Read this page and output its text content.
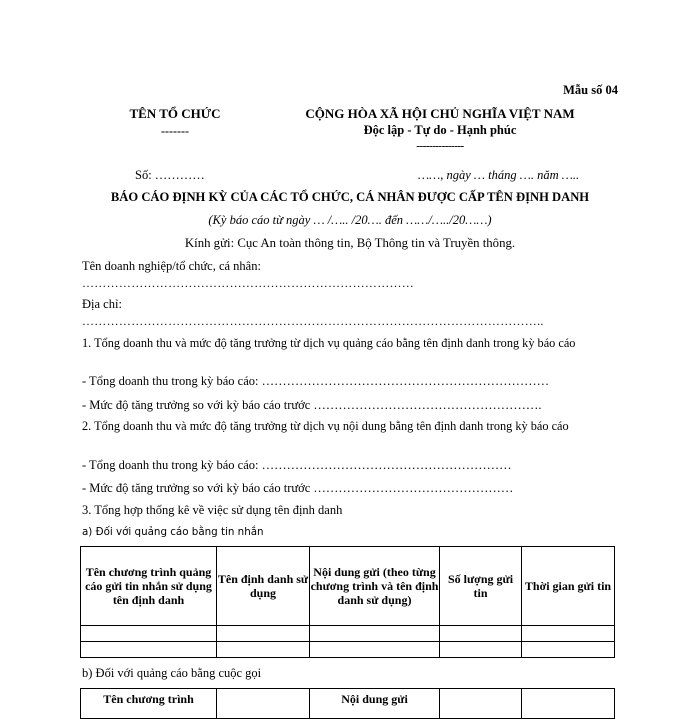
Mẫu số 04
TÊN TỔ CHỨC
-------
CỘNG HÒA XÃ HỘI CHỦ NGHĨA VIỆT NAM
Độc lập - Tự do - Hạnh phúc
---------------
Số: …………	……, ngày … tháng …. năm …..
BÁO CÁO ĐỊNH KỲ CỦA CÁC TỔ CHỨC, CÁ NHÂN ĐƯỢC CẤP TÊN ĐỊNH DANH
(Kỳ báo cáo từ ngày … /….. /20…. đến ……/…../20……)
Kính gửi: Cục An toàn thông tin, Bộ Thông tin và Truyền thông.
Tên doanh nghiệp/tổ chức, cá nhân:
………………………………………………………………………
Địa chỉ:
…………………………………………………………………………………………………..
1. Tổng doanh thu và mức độ tăng trưởng từ dịch vụ quảng cáo bằng tên định danh trong kỳ báo cáo
- Tổng doanh thu trong kỳ báo cáo: ……………………………………………………………
- Mức độ tăng trưởng so với kỳ báo cáo trước ……………………………………………….
2. Tổng doanh thu và mức độ tăng trưởng từ dịch vụ nội dung bằng tên định danh trong kỳ báo cáo
- Tổng doanh thu trong kỳ báo cáo: ……………………………………………………
- Mức độ tăng trưởng so với kỳ báo cáo trước …………………………………………
3. Tổng hợp thống kê về việc sử dụng tên định danh
a) Đối với quảng cáo bằng tin nhắn
Tên chương trình quảng cáo gửi tin nhắn sử dụng tên định danh	Tên định danh sử dụng	Nội dung gửi (theo từng chương trình và tên định danh sử dụng)	Số lượng gửi tin	Thời gian gửi tin

b) Đối với quảng cáo bằng cuộc gọi
Tên chương trình		Nội dung gửi		
